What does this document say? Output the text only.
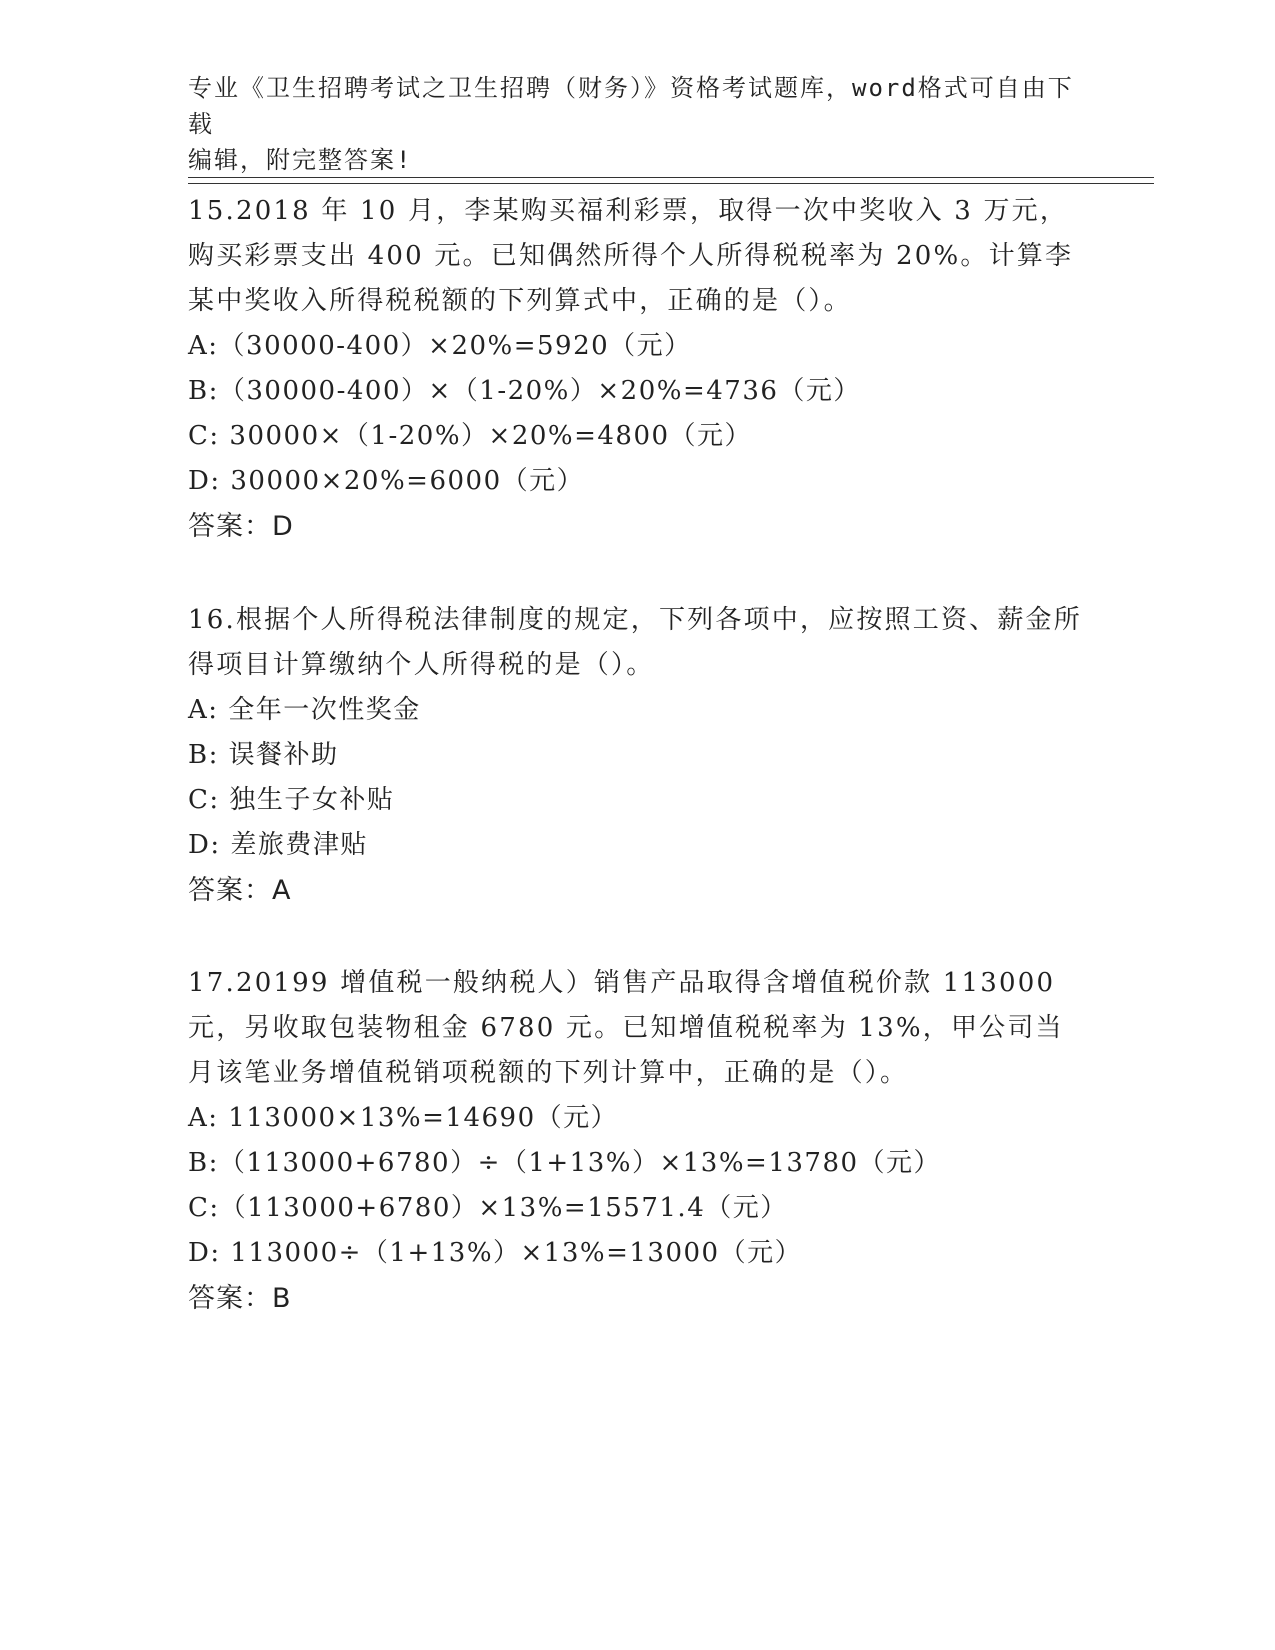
专业《卫生招聘考试之卫生招聘（财务）》资格考试题库，word格式可自由下载
编辑，附完整答案!

15.2018 年 10 月，李某购买福利彩票，取得一次中奖收入 3 万元，购买彩票支出 400 元。已知偶然所得个人所得税税率为 20%。计算李某中奖收入所得税税额的下列算式中，正确的是（）。

A:（30000-400）×20%=5920（元）

B:（30000-400）×（1-20%）×20%=4736（元）

C: 30000×（1-20%）×20%=4800（元）

D: 30000×20%=6000（元）

答案：D

16.根据个人所得税法律制度的规定，下列各项中，应按照工资、薪金所得项目计算缴纳个人所得税的是（）。

A: 全年一次性奖金

B: 误餐补助

C: 独生子女补贴

D: 差旅费津贴

答案：A

17.20199 增值税一般纳税人）销售产品取得含增值税价款 113000 元，另收取包装物租金 6780 元。已知增值税税率为 13%，甲公司当月该笔业务增值税销项税额的下列计算中，正确的是（）。

A: 113000×13%=14690（元）

B:（113000+6780）÷（1+13%）×13%=13780（元）

C:（113000+6780）×13%=15571.4（元）

D: 113000÷（1+13%）×13%=13000（元）

答案：B
